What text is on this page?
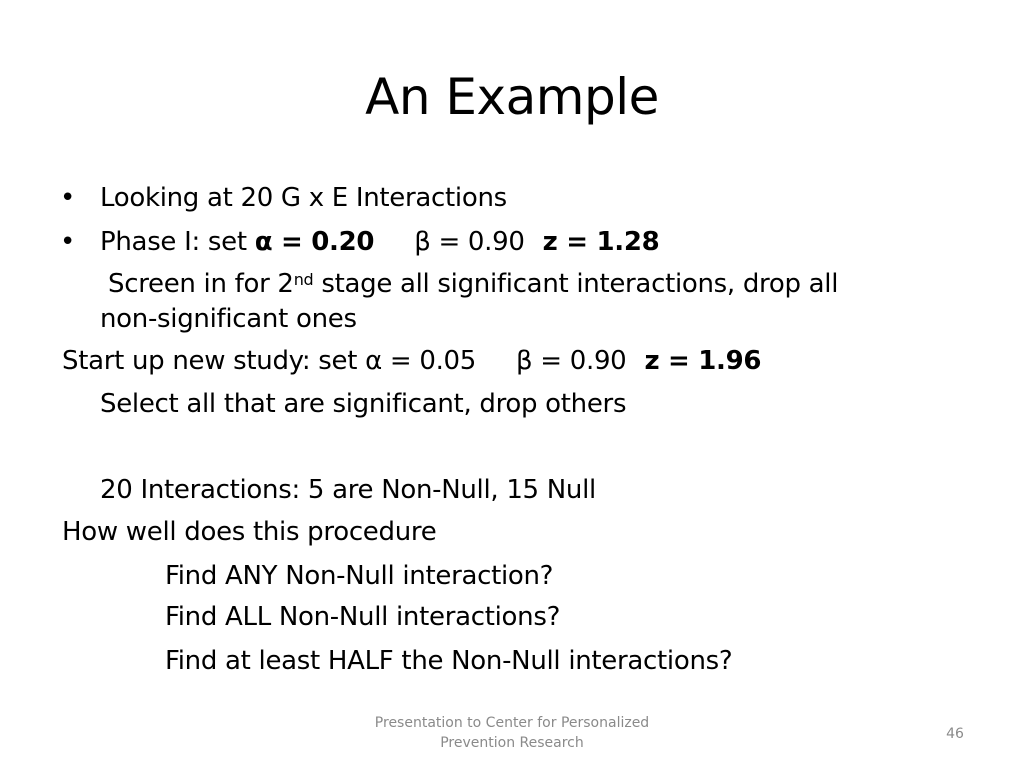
An Example
• Looking at 20 G x E Interactions
• Phase I: set α = 0.20 β = 0.90 z = 1.28
Screen in for 2nd stage all significant interactions, drop all
non-significant ones
Start up new study: set α = 0.05 β = 0.90 z = 1.96
Select all that are significant, drop others
20 Interactions: 5 are Non-Null, 15 Null
How well does this procedure
Find ANY Non-Null interaction?
Find ALL Non-Null interactions?
Find at least HALF the Non-Null interactions?
Presentation to Center for Personalized
Prevention Research
46
